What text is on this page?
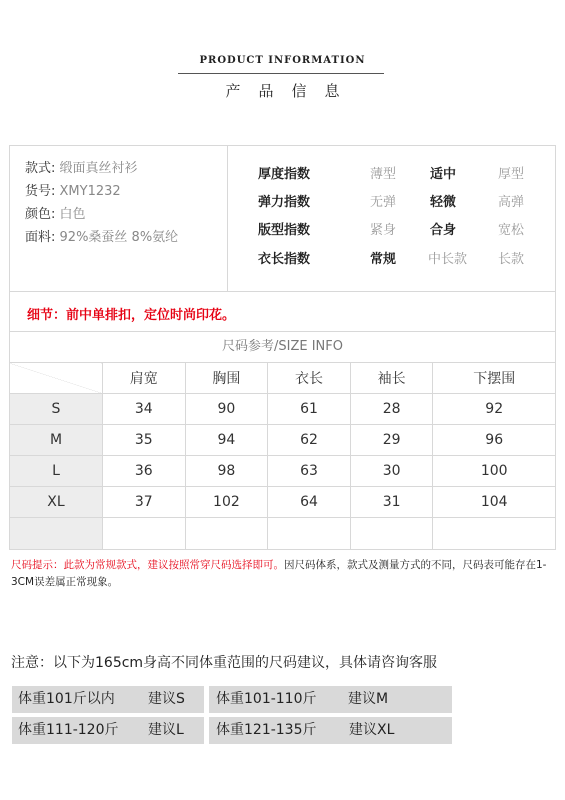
PRODUCT INFORMATION
产品信息
款式: 缎面真丝衬衫
货号: XMY1232
颜色: 白色
面料: 92%桑蚕丝 8%氨纶
厚度指数	薄型	适中	厚型
弹力指数	无弹	轻微	高弹
版型指数	紧身	合身	宽松
衣长指数	常规	中长款	长款
细节：前中单排扣，定位时尚印花。
尺码参考/SIZE INFO
	肩宽	胸围	衣长	袖长	下摆围
S	34	90	61	28	92
M	35	94	62	29	96
L	36	98	63	30	100
XL	37	102	64	31	104

尺码提示：此款为常规款式，建议按照常穿尺码选择即可。因尺码体系，款式及测量方式的不同，尺码表可能存在1-3CM误差属正常现象。
注意：以下为165cm身高不同体重范围的尺码建议，具体请咨询客服
体重101斤以内 建议S 体重101-110斤 建议M
体重111-120斤 建议L 体重121-135斤 建议XL
